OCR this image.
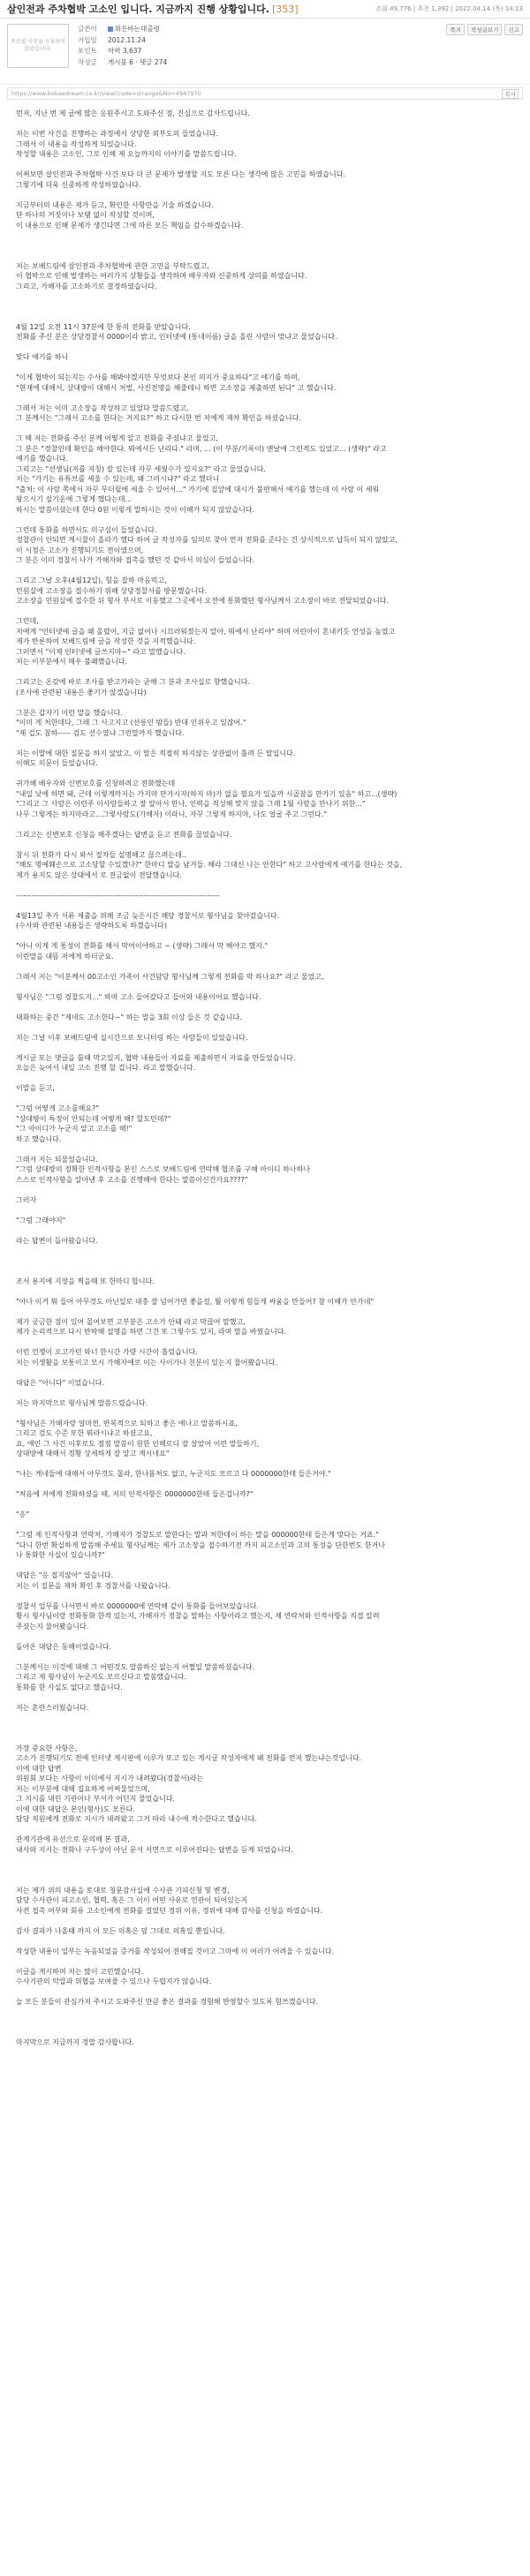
살인전과 주차협박 고소인 입니다. 지금까지 진행 상황입니다. [353]	조회 49,776 | 추천 1,392 | 2022.04.14 (목) 14:13
프로필 사진을 등록하지 않았습니다.
글쓴이	뭐든바는대출령
가입일 2012.11.24
포인트 마력 3,637
작성글 게시물 6 · 댓글 274
쪽지	작성글보기	신고
https://www.bobaedream.co.kr/view?code=strange&No=4947970	복사

먼저, 지난 번 제 글에 많은 응원주시고 도와주신 점, 진심으로 감사드립니다.

저는 이번 사건을 진행하는 과정에서 상당한 외부도의 들었습니다.

그래서 이 내용을 작성하게 되었습니다.

작성할 내용은 고소인, 그로 인해 제 오늘까지의 이야기를 말씀드립니다.

어쩌보면 살인전과 주차협박 사건 보다 더 큰 문제가 발생할 지도 모른 다는 생각에 많은 고민을 하였습니다.

그렇기에 더욱 신중하게 작성하였습니다.

지금부터의 내용은 제가 듣고, 확인한 사항만을 기술 하겠습니다.

단 하나의 거짓이나 보탬 없이 작성할 것이며,

이 내용으로 인해 문제가 생긴다면 그에 따른 모든 책임을 감수하겠습니다.

저는 보배드림에 살인전과 주차협박에 관한 고민을 부탁드렸고,

이 협박으로 인해 발생하는 여러가지 상황들을 생각하며 배우자와 신중하게 상의를 하였습니다.

그리고, 가해자를 고소하기로 결정하였습니다.

4월 12일 오전 11시 37분에 한 통의 전화를 받았습니다.

전화를 주신 분은 상당경찰서 0000이라 밝고, 인터넷에 (통네이름) 글을 올린 사람이 맞냐고 물었습니다.

맞다 얘기를 하니

"이게 협박이 되는지는 수사를 해봐야겠지만 무엇보다 본인 의지가 중요하다"고 얘기를 하며,

"현재에 대해서, 상대방이 대해서 처벌, 사진전명을 해줄테니 하면 고소장을 제출하면 된다" 고 했습니다.

그래서 저는 이미 고소장을 작성하고 있었다 말씀드렸고,

그 분께서는 "그래서 고소를 한다는 거지요?" 하고 다시한 번 저에게 재차 확인을 하셨습니다.

그 때 저는 전화를 주신 분께 어떻게 알고 전화를 주셨냐고 물었고,

그 분은 "경찰인데 확인을 해야한다. 뭐에서든 난리다." 라며, ... (이 부분/기록이) 앤날에 그런적도 있었고... (생략)" 라고

얘기를 했습니다.

그리고는 "선생님(저를 지칭) 잘 있는데 자꾸 세웠수가 있지요?" 라고 물었습니다.

저는 "가기는 유튜브를 세울 수 있는데, 왜 그러시냐?" 라고 했더니

"출처: 이 사람 쪽에서 자꾸 무더릴에 세울 수 있어서..." 가기에 집앞에 대시가 불편해서 얘기를 했는데 이 사람 이 세워

왕으시기 설기운에 그렇게 했다는데...

하시는 말씀이셨는데 한다 0원 이렇게 말하시는 것이 이해가 되지 않았습니다.

그런데 통화를 하면서도 의구심이 들었습니다.

경찰관이 안되면 게시물이 올라가 했다 하여 글 작성자를 임의로 찾아 먼저 전화를 준다는 건 상식적으로 납득이 되지 않았고,

이 시점은 고소가 진행되기도 전이였으며,

그 분은 이미 경찰서 나가 가해자와 접촉을 했던 것 같아서 의심이 들었습니다.

그리고 그날 오후(4월12일), 힘을 잡하 마음먹고,

민원실에 고소장을 접수하기 위해 상당경찰서를 방문했습니다.

고소장을 민원실에 접수한 뒤 형사 부서로 이동했고 그곳에서 오전에 통화했던 형사님께서 고소장이 바로 전달되었습니다.

그런데,

저에게 "인터넷에 글을 왜 올렸어, 지금 없어나 시끄러워졌는지 알아, 뭐에서 난리야" 하며 어린아이 혼내키듯 언성을 높였고

제가 반론하여 보배드림에 글을 작성한 것을 지적했습니다.

그러면서 "이제 인터넷에 글쓰지마~" 라고 말했습니다.

저는 이부분에서 매우 불쾌했습니다.

그리고는 온갖에 바로 조사를 받고가라는 굳해 그 분과 조사실로 향했습니다.

(조사에 관련된 내용은 좋기가 않겠습니다)

그분은 갑자기 이런 말을 했습니다.

"이미 게 처한데다, 그래 그 사고지고 (선릉인 밤들) 반대 인쉬우고 있잖어."

"제 겁도 참하----- 검도 선수였냐 그런말까지 했습니다.

저는 이말에 대한 질문을 하지 않았고, 이 말은 적절히 하지않는 상관없이 흘려 든 말입니다.

이해도 의문이 들었습니다.

귀가해 배우자와 신변보호를 신청하려고 전화했는데

"내일 낮에 하면 돼, 근데 이렇게까지는 가지마 만가시자(하지 마)가 없을 필요가 있을까 시골참을 만가기 있음" 하고...(생략)

"그리고 그 사람은 이런주 이사람들하고 잘 알아서 만나, 인력을 적성해 맞지 않을 그래 1월 사람을 만나기 위한..."

나무 그렇게는 하지마라고...그렇사람도(가해자) 이라니, 자꾸 그렇게 하지마, 나도 얼굴 주고 그런다."

그리고는 신변보호 신청을 해주겠다는 답변을 듣고 전화를 끊었습니다.

참시 뒤 전화가 다시 와서 절차들 설명해고 끊으려는데..

"해도 명예훼손으로 고소당할 수있겠나?" 한마디 말을 남겨들. 해라 그대신 나는 안한다" 하고 고사람에게 얘기를 한다는 것을,

제가 용지도 않은 상태에서 로 전금없이 전달했습니다.

--------------------------------------------------------------------------------

4월13일 추가 서류 제출을 위해 조금 늦은시간 해당 경찰서로 형사님을 찾아갔습니다.

(수사와 관련된 내용들은 생략하도록 하겠습니다)

"아니 이게 게 통성이 전화를 해서 막어이야하고 ~ (생략) 그래서 막 해야고 했지."

이런말을 대뜸 저에게 하더군요.

그래서 저는 "이분께서 00고소인 가족이 사건담당 형사님께 그렇게 전화를 막 하나요?" 라고 물었고,

형사님은 "그럼 경찰도지..." 하며 고소 들어갔다고 들어와 내용이어요 했습니다.

대화하는 중간 "제네도 고소한다~" 하는 말을 3회 이상 들은 것 같습니다.

저는 그날 이후 보배드림에 실시간으로 모니터링 하는 사람들이 있었습니다.

게시글 또는 댓글을 틀때 막고있지, 협박 내용들이 자료를 제출하면서 자료를 만들었습니다.

오늘은 늦어서 내일 고소 진행 할 겁니다. 라고 말했습니다.

이말을 듣고,

"그럼 어떻게 고소를해요?"

"상대방이 특정이 안되는데 어떻게 해? 할도민데?"

"그 아이디가 누군지 알고 고소를 해!"

하고 했습니다.

그래서 저는 되물었습니다.

"그럼 상대방의 정확한 인적사항을 본인 스스로 보배드림에 연락해 협조를 구해 아이디 하나하나

스스로 인적사항을 알아낸 후 고소를 진행해야 한다는 말씀이신건가요????"

그러자

"그럼 그래야지"

라는 답변이 돌아왔습니다.

조서 용지에 지장을 찍을때 또 한마디 합니다.

"아나 이거 뭐 들어 아무것도 아닌일로 대충 잘 넘어가면 좋을걸, 뭘 이렇게 힘들게 싸움을 만들어? 참 이해가 안가네"

제가 궁금한 점이 있어 몰어보면 고부분은 고소가 안돼 라고 막끊어 말했고,

제가 논리적으로 다시 반박해 설명을 하면 그건 또 그렇수도 있지, 라며 말을 바꿨습니다.

이런 언쟁이 오고가던 와너 한시간 가량 시간이 흘렀습니다.

저는 이생활을 보통이고 모시 가해자에로 이는 사이가나 친분이 있는지 물어봤습니다.

대답은 "아니다" 이었습니다.

저는 마지막으로 형사님께 말씀드렸습니다.

"형사님은 가해자랑 얼마전, 반복적으로 되하고 좋은 애나고 말씀하시죠,

그리고 검도 수준 또한 뭐라시냐고 하셨고요,

요, 애인 그 사건 이후로도 점점 말씀이 원한 인해로디 잘 살았어 이런 말들하기,

상대방에 대해서 정황 상세하게 잘 알고 계시네요"

"나는 게네들에 대해서 아무것도 몰라, 한나몸처도 없고, 누군지도 모르고 다 0000000한테 들은거야."

"처음에 저에게 전화하셨을 때, 저의 인적사항은 0000000한테 들은겁니까?"

"응"

"그럼 제 인적사항과 연락처, 가해자가 경찰도로 말한다는 말과 처한데이 하는 말을 000000한테 들은게 맞다는 거죠."

"다니 한번 확실하게 말씀해 주세요 형사님께는 제가 고소장을 접수하기전 까지 피고소인과 고의 통성을 단한번도 한거나

나 통화한 사실이 있습니까?"

대답은 "응 접지않아" 였습니다.

저는 이 질문을 재차 확인 후 경찰서를 나왔습니다.

경찰서 업무를 나서면서 바로 0000000에 연락해 같이 통화를 들어보았습니다.

황시 형사님이랑 전화통화 한적 있는지, 가해자가 경찰을 말하는 사항이라고 했는지, 제 연락처와 인적사항을 직접 알려

주셨는지 물어봤습니다.

돌아온 대답은 동해이었습니다.

그분께서는 이것에 대해 그 어떤것도 말씀하신 없는지 어쩔일 말씀하셨습니다.

그리고 제 형사님이 누군지도 모르신다고 말씀했습니다.

통화를 한 사실도 없다고 했습니다.

저는 혼란스러웠습니다.

가장 중요한 사항은,

고소가 진행되기도 전에 인터넷 게시판에 이루가 또고 있는 게시글 작성자에게 왜 전화를 먼저 했는냐는것입니다.

이에 대한 답변

위원회 보다는 사항이 이미에서 지시가 내려왔다(경찰서)라는

저는 이부분에 대해 집요하게 어쩌물었으며,

그 지시를 내린 기관이나 부서가 어딘지 물었습니다.

이에 대한 대답은 본인(형사)도 모른다.

담당 직원에게 전화로 지시가 내려왔고 그거 따라 내수에 적수한다고 했습니다.

관계기관에 유선으로 문의해 본 결과,

내사와 지시는 전화나 구두상이 아닌 문서 서면으로 이루어진다는 답변을 듣게 되었습니다.

저는 제가 위의 내용을 토대로 청문감사실에 수사관 기피신청 및 변경,

담당 수사관이 피고소인, 협력, 혹은 그 이이 어떤 사유로 연관이 되어있는지

사전 접촉 여부와 회유 고소인에게 전화를 걸었던 경위 이유, 경위에 대해 감사를 신청을 하였습니다.

감사 결과가 나올때 까지 이 모든 의혹은 덮 그대로 의혹일 뿐입니다.

작성한 내용이 일부는 녹음되었을 증거를 작성되어 전해질 것이고 그마에 이 여러가 어려울 수 있습니다.

이글을 게시하며 저는 많이 고민했습니다.

수사기관의 억압과 위협을 보여줄 수 있으나 두렵지가 않습니다.

늘 모든 분들이 관심가져 주시고 도와주신 만큼 좋은 결과를 경험해 반영할수 있도록 힘쓰겠습니다.

마지막으로 지금까지 정말 감사합니다.
